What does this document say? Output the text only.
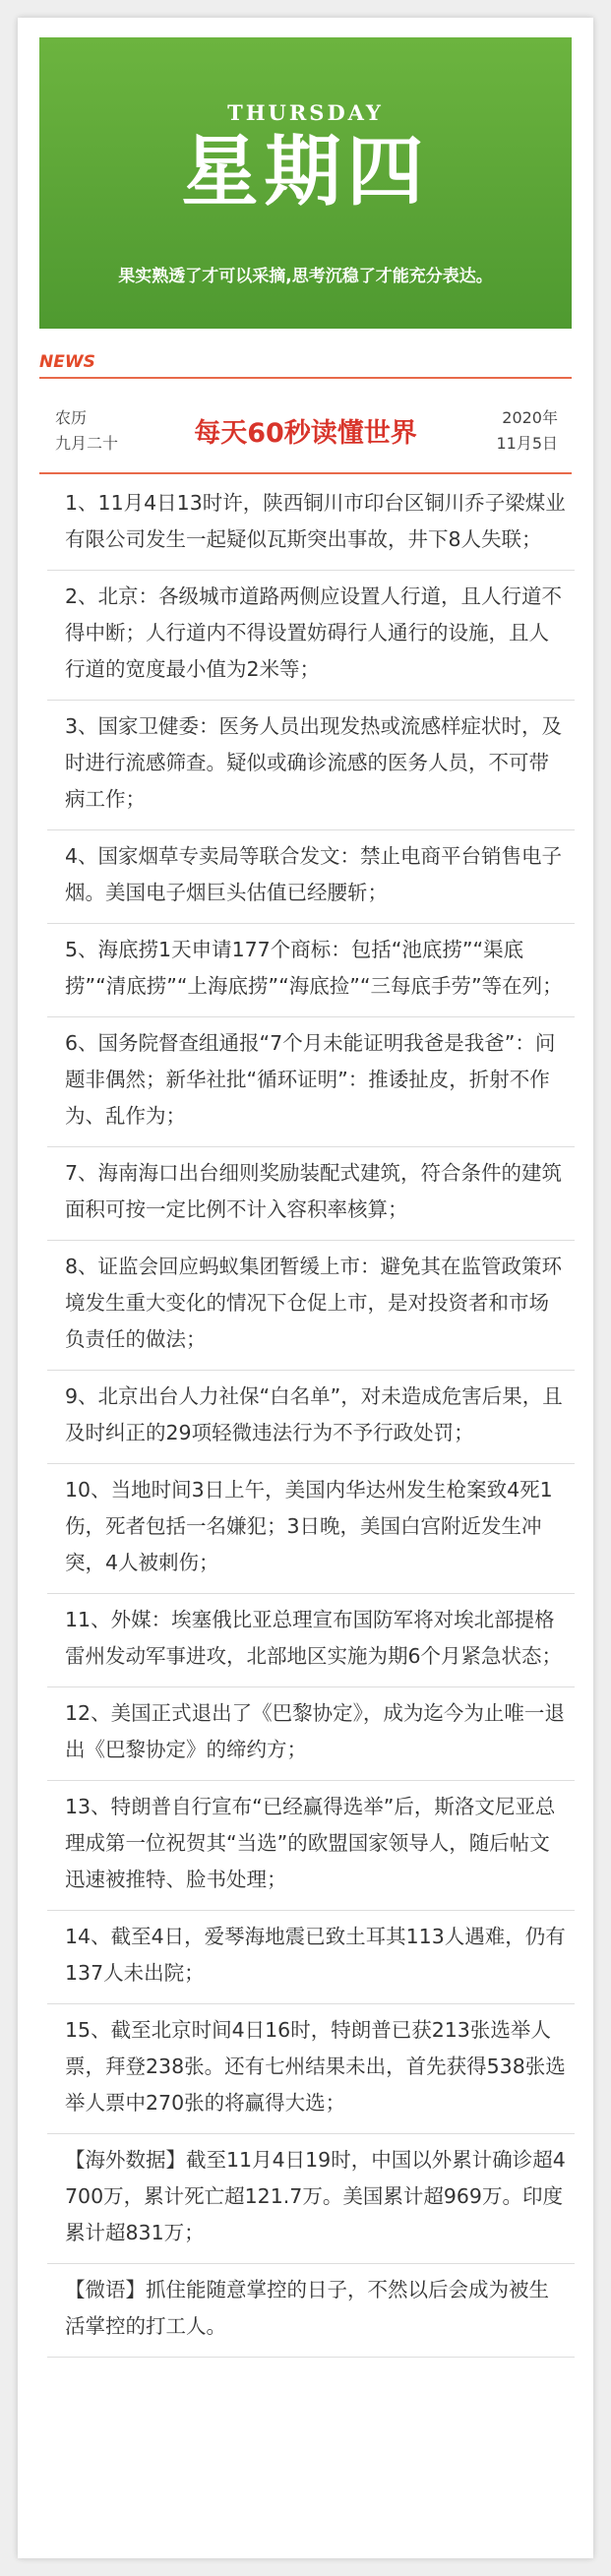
THURSDAY
星期四
果实熟透了才可以采摘,思考沉稳了才能充分表达。
NEWS
农历
九月二十	每天60秒读懂世界
2020年
11月5日
1、11月4日13时许，陕西铜川市印台区铜川乔子梁煤业有限公司发生一起疑似瓦斯突出事故，井下8人失联；
2、北京：各级城市道路两侧应设置人行道，且人行道不得中断；人行道内不得设置妨碍行人通行的设施，且人行道的宽度最小值为2米等；
3、国家卫健委：医务人员出现发热或流感样症状时，及时进行流感筛查。疑似或确诊流感的医务人员，不可带病工作；
4、国家烟草专卖局等联合发文：禁止电商平台销售电子烟。美国电子烟巨头估值已经腰斩；
5、海底捞1天申请177个商标：包括“池底捞”“渠底捞”“清底捞”“上海底捞”“海底捡”“三每底手劳”等在列；
6、国务院督查组通报“7个月未能证明我爸是我爸”：问题非偶然；新华社批“循环证明”：推诿扯皮，折射不作为、乱作为；
7、海南海口出台细则奖励装配式建筑，符合条件的建筑面积可按一定比例不计入容积率核算；
8、证监会回应蚂蚁集团暂缓上市：避免其在监管政策环境发生重大变化的情况下仓促上市，是对投资者和市场负责任的做法；
9、北京出台人力社保“白名单”，对未造成危害后果，且及时纠正的29项轻微违法行为不予行政处罚；
10、当地时间3日上午，美国内华达州发生枪案致4死1伤，死者包括一名嫌犯；3日晚，美国白宫附近发生冲突，4人被刺伤；
11、外媒：埃塞俄比亚总理宣布国防军将对埃北部提格雷州发动军事进攻，北部地区实施为期6个月紧急状态；
12、美国正式退出了《巴黎协定》，成为迄今为止唯一退出《巴黎协定》的缔约方；
13、特朗普自行宣布“已经赢得选举”后，斯洛文尼亚总理成第一位祝贺其“当选”的欧盟国家领导人，随后帖文迅速被推特、脸书处理；
14、截至4日，爱琴海地震已致土耳其113人遇难，仍有137人未出院；
15、截至北京时间4日16时，特朗普已获213张选举人票，拜登238张。还有七州结果未出，首先获得538张选举人票中270张的将赢得大选；
【海外数据】截至11月4日19时，中国以外累计确诊超4700万，累计死亡超121.7万。美国累计超969万。印度累计超831万；
【微语】抓住能随意掌控的日子，不然以后会成为被生活掌控的打工人。
